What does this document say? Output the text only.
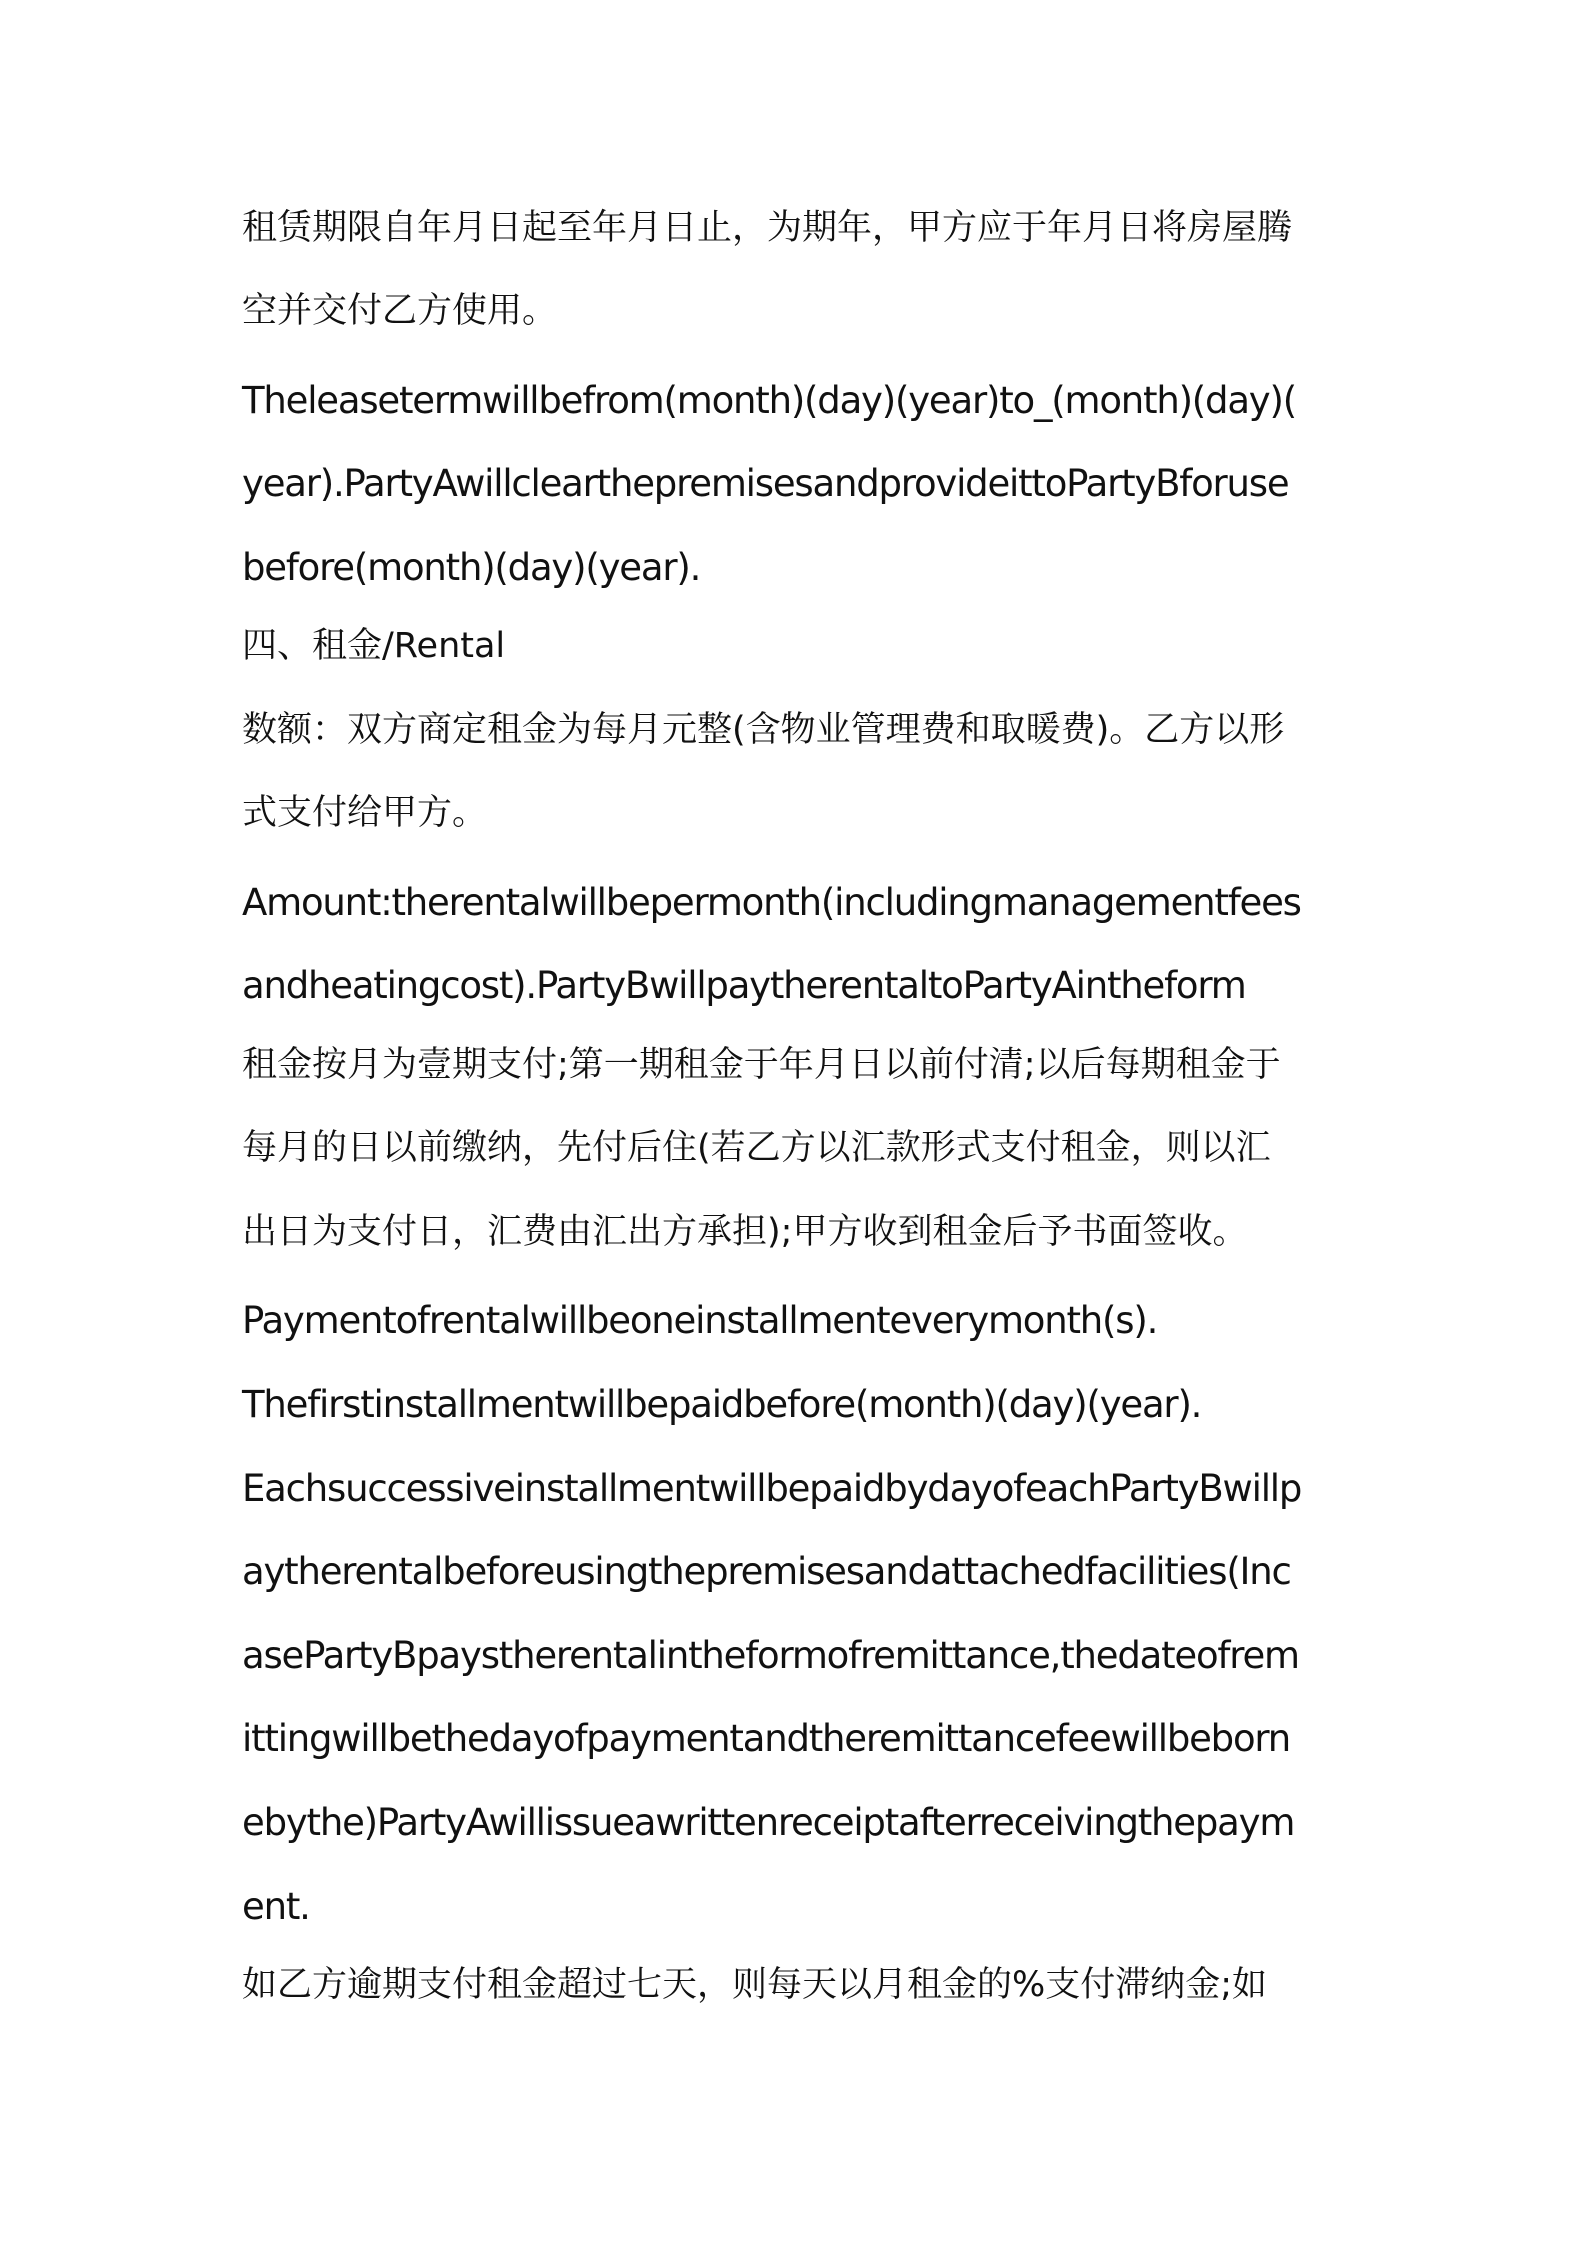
租赁期限自年月日起至年月日止，为期年，甲方应于年月日将房屋腾
空并交付乙方使用。
Theleasetermwillbefrom(month)(day)(year)to_(month)(day)(
year).PartyAwillclearthepremisesandprovideittoPartyBforuse
before(month)(day)(year).
四、租金/Rental
数额：双方商定租金为每月元整(含物业管理费和取暖费)。乙方以形
式支付给甲方。
Amount:therentalwillbepermonth(includingmanagementfees
andheatingcost).PartyBwillpaytherentaltoPartyAintheform
租金按月为壹期支付;第一期租金于年月日以前付清;以后每期租金于
每月的日以前缴纳，先付后住(若乙方以汇款形式支付租金，则以汇
出日为支付日，汇费由汇出方承担);甲方收到租金后予书面签收。
Paymentofrentalwillbeoneinstallmenteverymonth(s).
Thefirstinstallmentwillbepaidbefore(month)(day)(year).
EachsuccessiveinstallmentwillbepaidbydayofeachPartyBwillp
aytherentalbeforeusingthepremisesandattachedfacilities(Inc
asePartyBpaystherentalintheformofremittance,thedateofrem
ittingwillbethedayofpaymentandtheremittancefeewillbeborn
ebythe)PartyAwillissueawrittenreceiptafterreceivingthepaym
ent.
如乙方逾期支付租金超过七天，则每天以月租金的%支付滞纳金;如
